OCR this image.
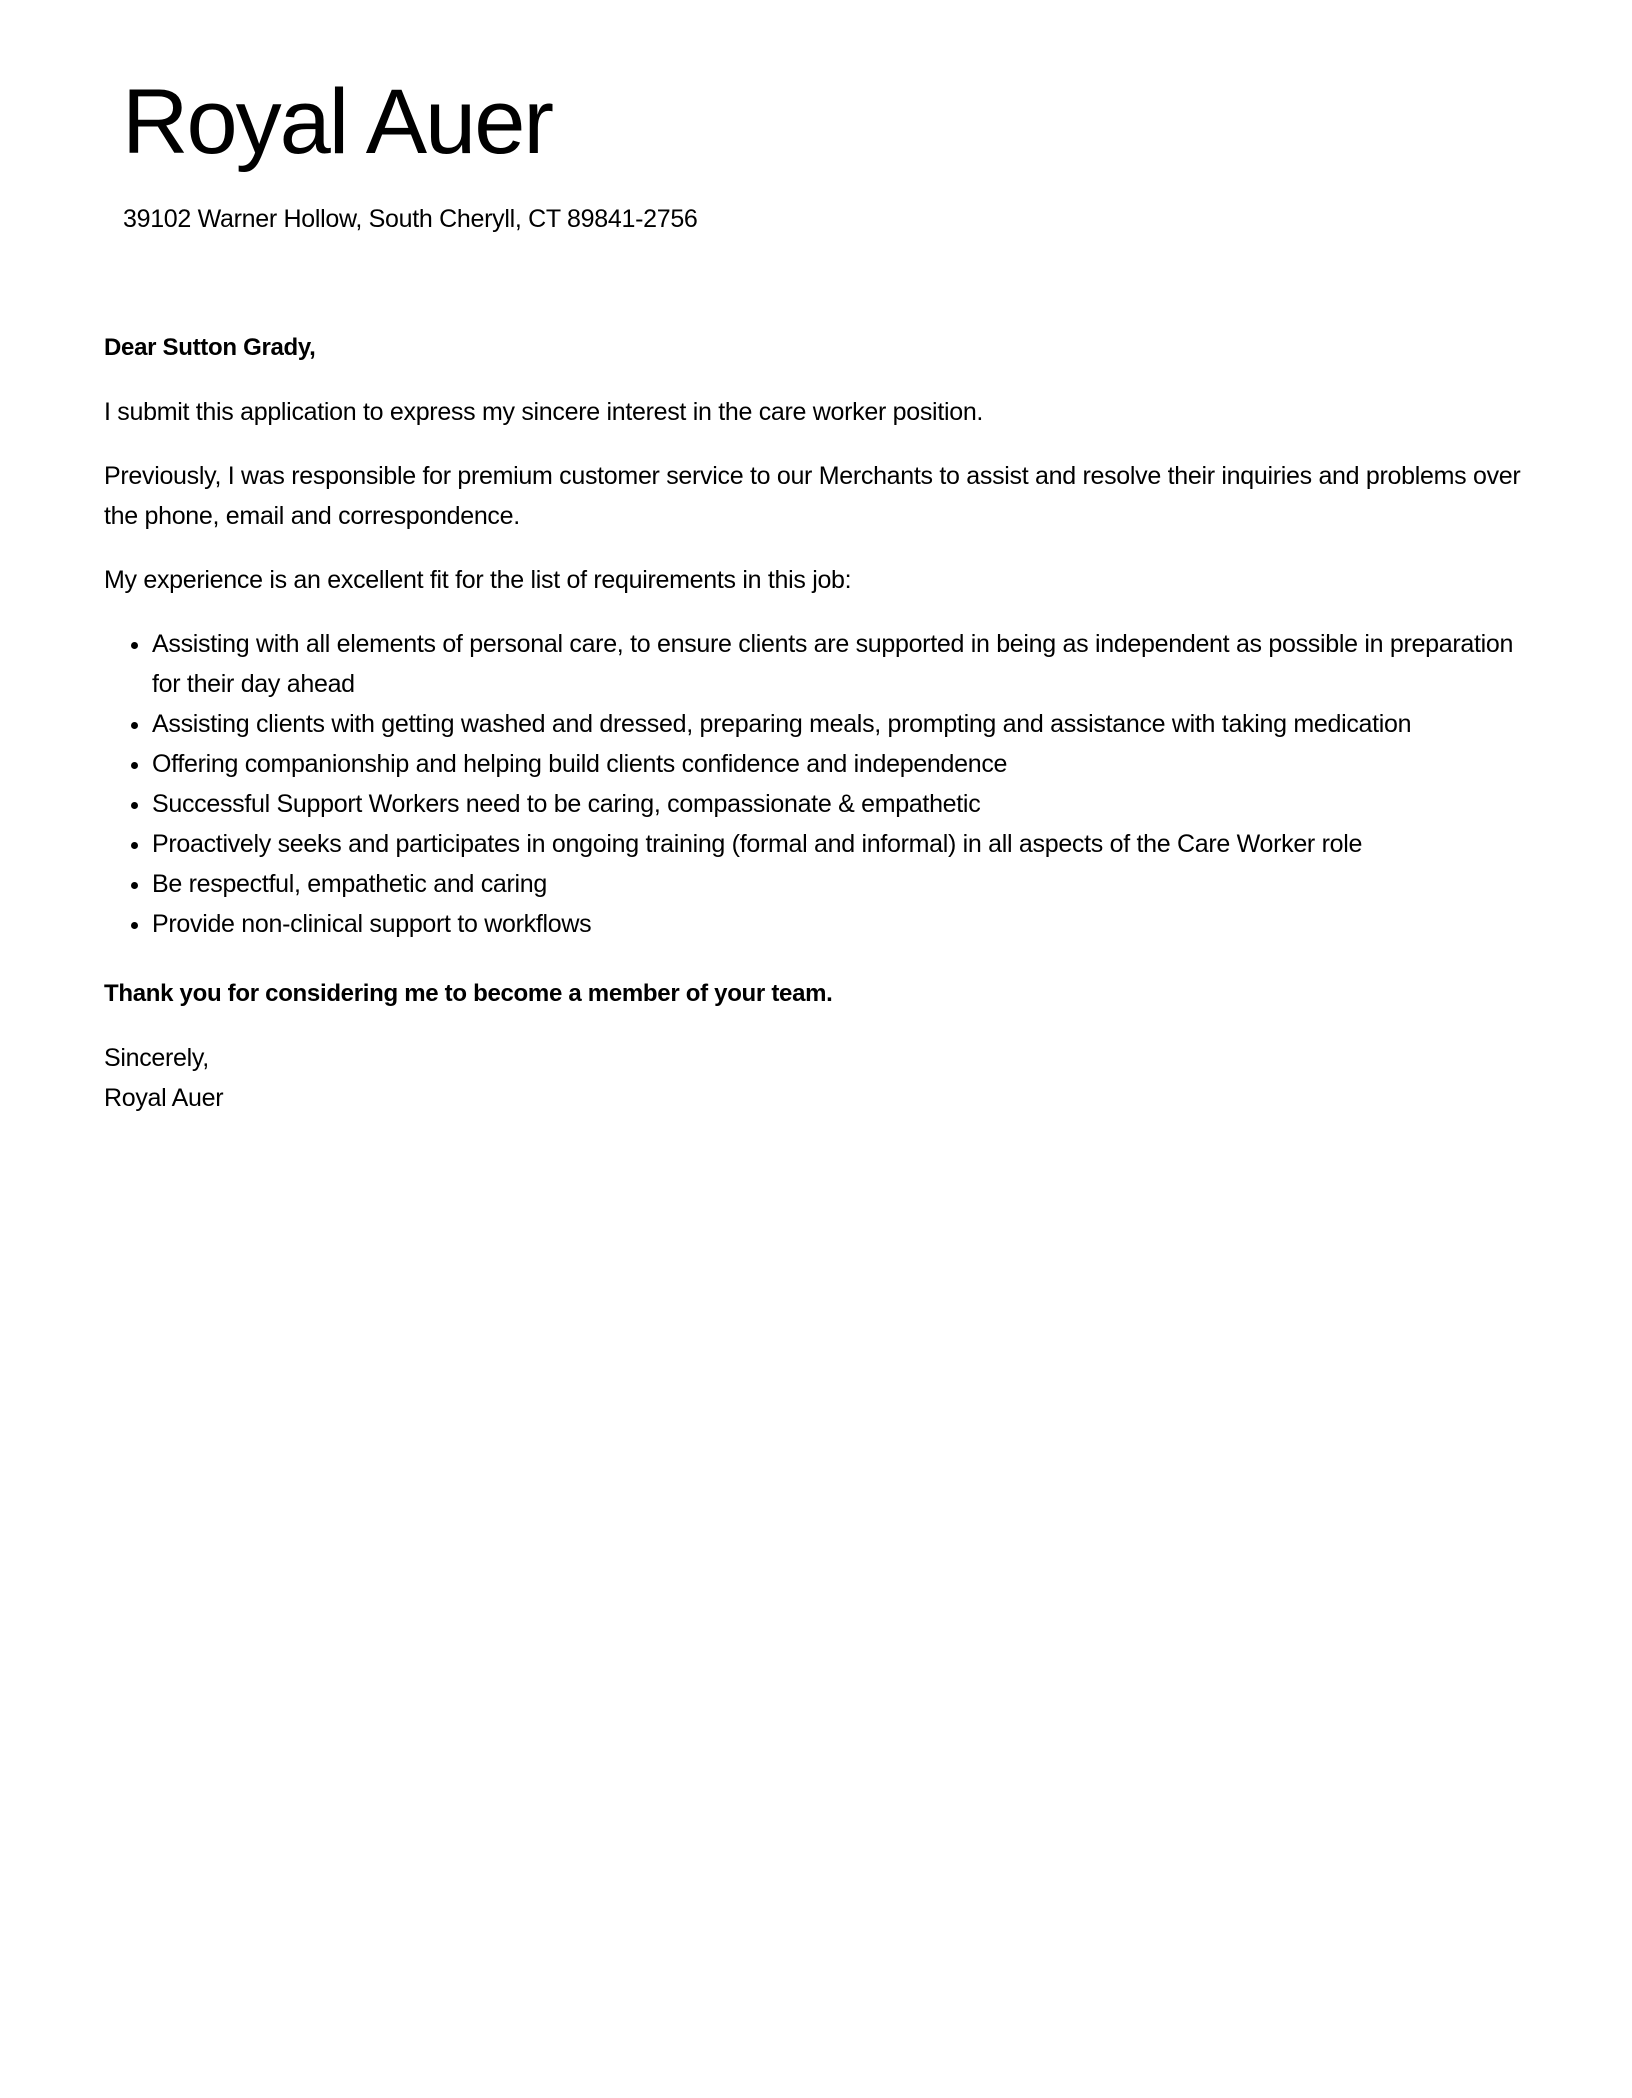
Royal Auer
39102 Warner Hollow, South Cheryll, CT 89841-2756

Dear Sutton Grady,

I submit this application to express my sincere interest in the care worker position.

Previously, I was responsible for premium customer service to our Merchants to assist and resolve their inquiries and problems over the phone, email and correspondence.

My experience is an excellent fit for the list of requirements in this job:

• Assisting with all elements of personal care, to ensure clients are supported in being as independent as possible in preparation for their day ahead
• Assisting clients with getting washed and dressed, preparing meals, prompting and assistance with taking medication
• Offering companionship and helping build clients confidence and independence
• Successful Support Workers need to be caring, compassionate & empathetic
• Proactively seeks and participates in ongoing training (formal and informal) in all aspects of the Care Worker role
• Be respectful, empathetic and caring
• Provide non-clinical support to workflows

Thank you for considering me to become a member of your team.

Sincerely,
Royal Auer
